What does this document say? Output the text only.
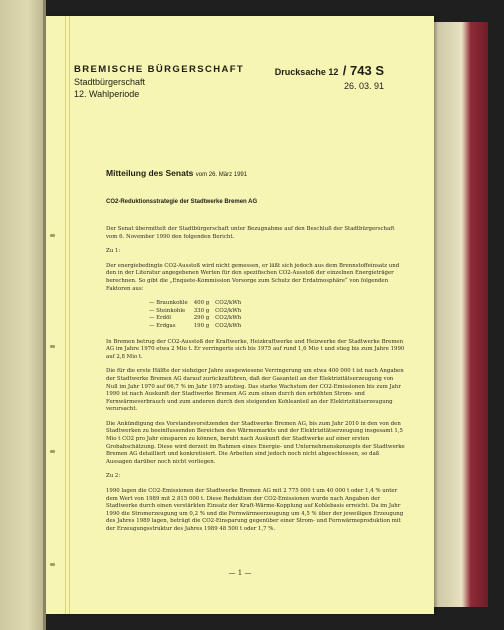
BREMISCHE BÜRGERSCHAFT
Stadtbürgerschaft
12. Wahlperiode
Drucksache 12 / 743 S
26. 03. 91
Mitteilung des Senats vom 26. März 1991
CO2-Reduktionsstrategie der Stadtwerke Bremen AG

Der Senat übermittelt der Stadtbürgerschaft unter Bezugnahme auf den Beschluß der Stadtbürgerschaft vom 6. November 1990 den folgenden Bericht.

Zu 1:

Der energiebedingte CO2-Ausstoß wird nicht gemessen, er läßt sich jedoch aus dem Brennstoffeinsatz und den in der Literatur angegebenen Werten für den spezifischen CO2-Ausstoß der einzelnen Energieträger berechnen. So gibt die „Enquete-Kommission Vorsorge zum Schutz der Erdatmosphäre“ von folgenden Faktoren aus:

— Braunkohle	400 g	CO2/kWh
— Steinkohle	330 g	CO2/kWh
— Erdöl	290 g	CO2/kWh
— Erdgas	190 g	CO2/kWh

In Bremen betrug der CO2-Ausstoß der Kraftwerke, Heizkraftwerke und Heizwerke der Stadtwerke Bremen AG im Jahre 1970 etwa 2 Mio t. Er verringerte sich bis 1975 auf rund 1,6 Mio t und stieg bis zum Jahre 1990 auf 2,8 Mio t.

Die für die erste Hälfte der siebziger Jahre ausgewiesene Verringerung um etwa 400 000 t ist nach Angaben der Stadtwerke Bremen AG darauf zurückzuführen, daß der Gasanteil an der Elektrizitätserzeugung von Null im Jahr 1970 auf 66,7 % im Jahr 1975 anstieg. Das starke Wachstum der CO2-Emissionen bis zum Jahr 1990 ist nach Auskunft der Stadtwerke Bremen AG zum einen durch den erhöhten Strom- und Fernwärmeverbrauch und zum anderen durch den steigenden Kohleanteil an der Elektrizitätserzeugung verursacht.

Die Ankündigung des Vorstandsvorsitzenden der Stadtwerke Bremen AG, bis zum Jahr 2010 in den von den Stadtwerken zu beeinflussenden Bereichen des Wärmemarkts und der Elektrizitätserzeugung insgesamt 1,5 Mio t CO2 pro Jahr einsparen zu können, beruht nach Auskunft der Stadtwerke auf einer ersten Grobabschätzung. Diese wird derzeit im Rahmen eines Energie- und Unternehmenskonzepts der Stadtwerke Bremen AG detailliert und konkretisiert. Die Arbeiten sind jedoch noch nicht abgeschlossen, so daß Aussagen darüber noch nicht vorliegen.

Zu 2:

1990 lagen die CO2-Emissionen der Stadtwerke Bremen AG mit 2 775 000 t um 40 000 t oder 1,4 % unter dem Wert von 1989 mit 2 815 000 t. Diese Reduktion der CO2-Emissionen wurde nach Angaben der Stadtwerke durch einen verstärkten Einsatz der Kraft-Wärme-Kopplung auf Kohlebasis erreicht. Da im Jahr 1990 die Stromerzeugung um 0,2 % und die Fernwärmeerzeugung um 4,5 % über der jeweiligen Erzeugung des Jahres 1989 lagen, beträgt die CO2-Einsparung gegenüber einer Strom- und Fernwärmeproduktion mit der Erzeugungsstruktur des Jahres 1989 48 500 t oder 1,7 %.

— 1 —
